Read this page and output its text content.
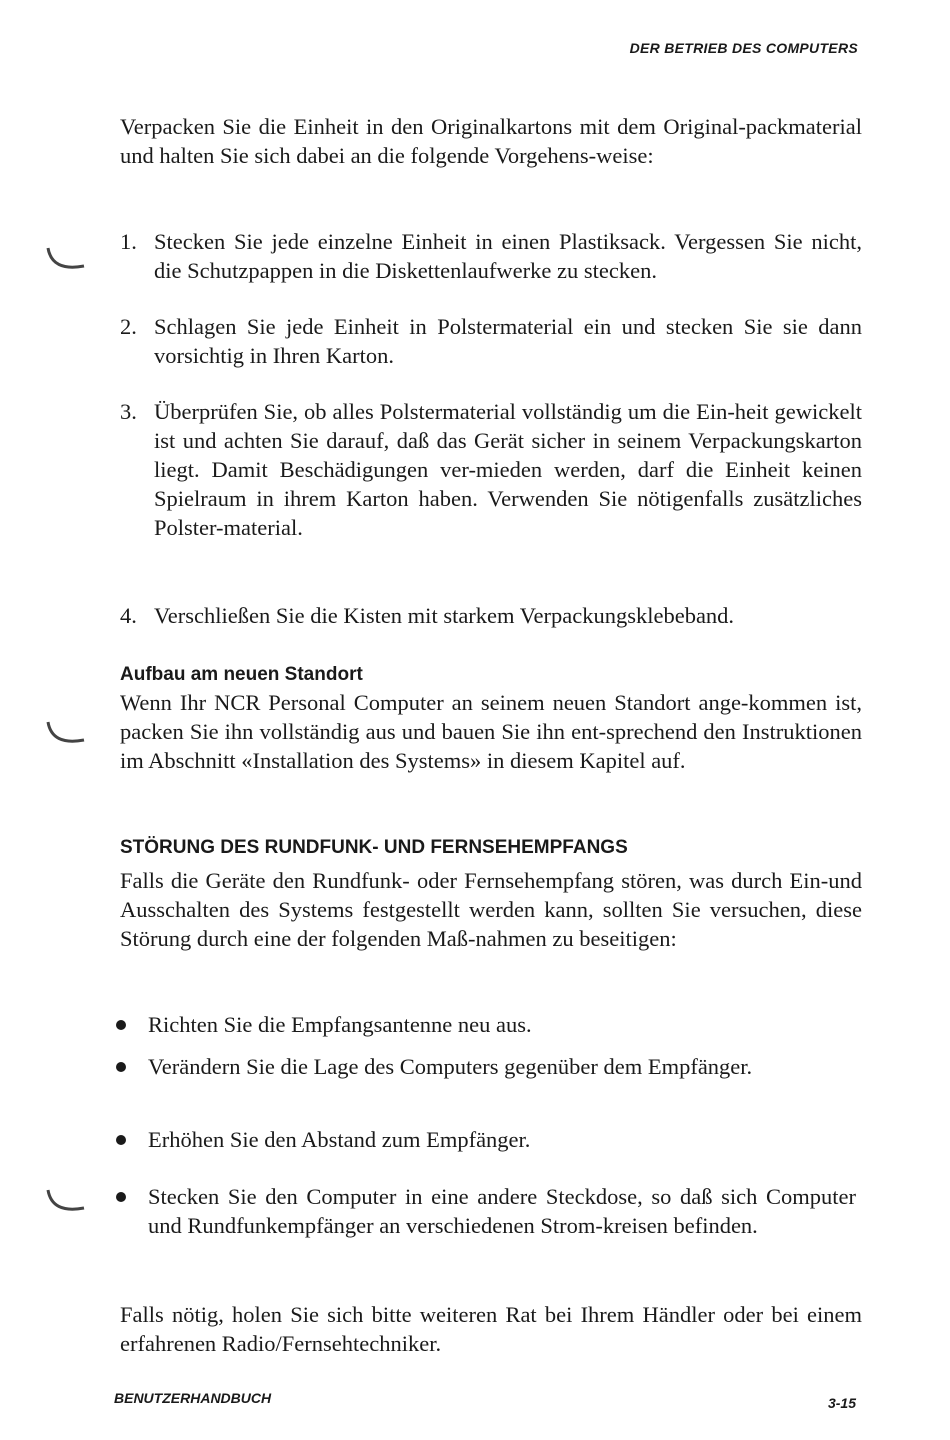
DER BETRIEB DES COMPUTERS

Verpacken Sie die Einheit in den Originalkartons mit dem Original-packmaterial und halten Sie sich dabei an die folgende Vorgehens-weise:

1. Stecken Sie jede einzelne Einheit in einen Plastiksack. Vergessen Sie nicht, die Schutzpappen in die Diskettenlaufwerke zu stecken.
2. Schlagen Sie jede Einheit in Polstermaterial ein und stecken Sie sie dann vorsichtig in Ihren Karton.
3. Überprüfen Sie, ob alles Polstermaterial vollständig um die Ein-heit gewickelt ist und achten Sie darauf, daß das Gerät sicher in seinem Verpackungskarton liegt. Damit Beschädigungen ver-mieden werden, darf die Einheit keinen Spielraum in ihrem Karton haben. Verwenden Sie nötigenfalls zusätzliches Polster-material.
4. Verschließen Sie die Kisten mit starkem Verpackungsklebeband.
Aufbau am neuen Standort

Wenn Ihr NCR Personal Computer an seinem neuen Standort ange-kommen ist, packen Sie ihn vollständig aus und bauen Sie ihn ent-sprechend den Instruktionen im Abschnitt «Installation des Systems» in diesem Kapitel auf.

STÖRUNG DES RUNDFUNK- UND FERNSEHEMPFANGS

Falls die Geräte den Rundfunk- oder Fernsehempfang stören, was durch Ein-und Ausschalten des Systems festgestellt werden kann, sollten Sie versuchen, diese Störung durch eine der folgenden Maß-nahmen zu beseitigen:

Richten Sie die Empfangsantenne neu aus.
Verändern Sie die Lage des Computers gegenüber dem Empfänger.
Erhöhen Sie den Abstand zum Empfänger.
Stecken Sie den Computer in eine andere Steckdose, so daß sich Computer und Rundfunkempfänger an verschiedenen Strom-kreisen befinden.

Falls nötig, holen Sie sich bitte weiteren Rat bei Ihrem Händler oder bei einem erfahrenen Radio/Fernsehtechniker.

BENUTZERHANDBUCH	3-15
